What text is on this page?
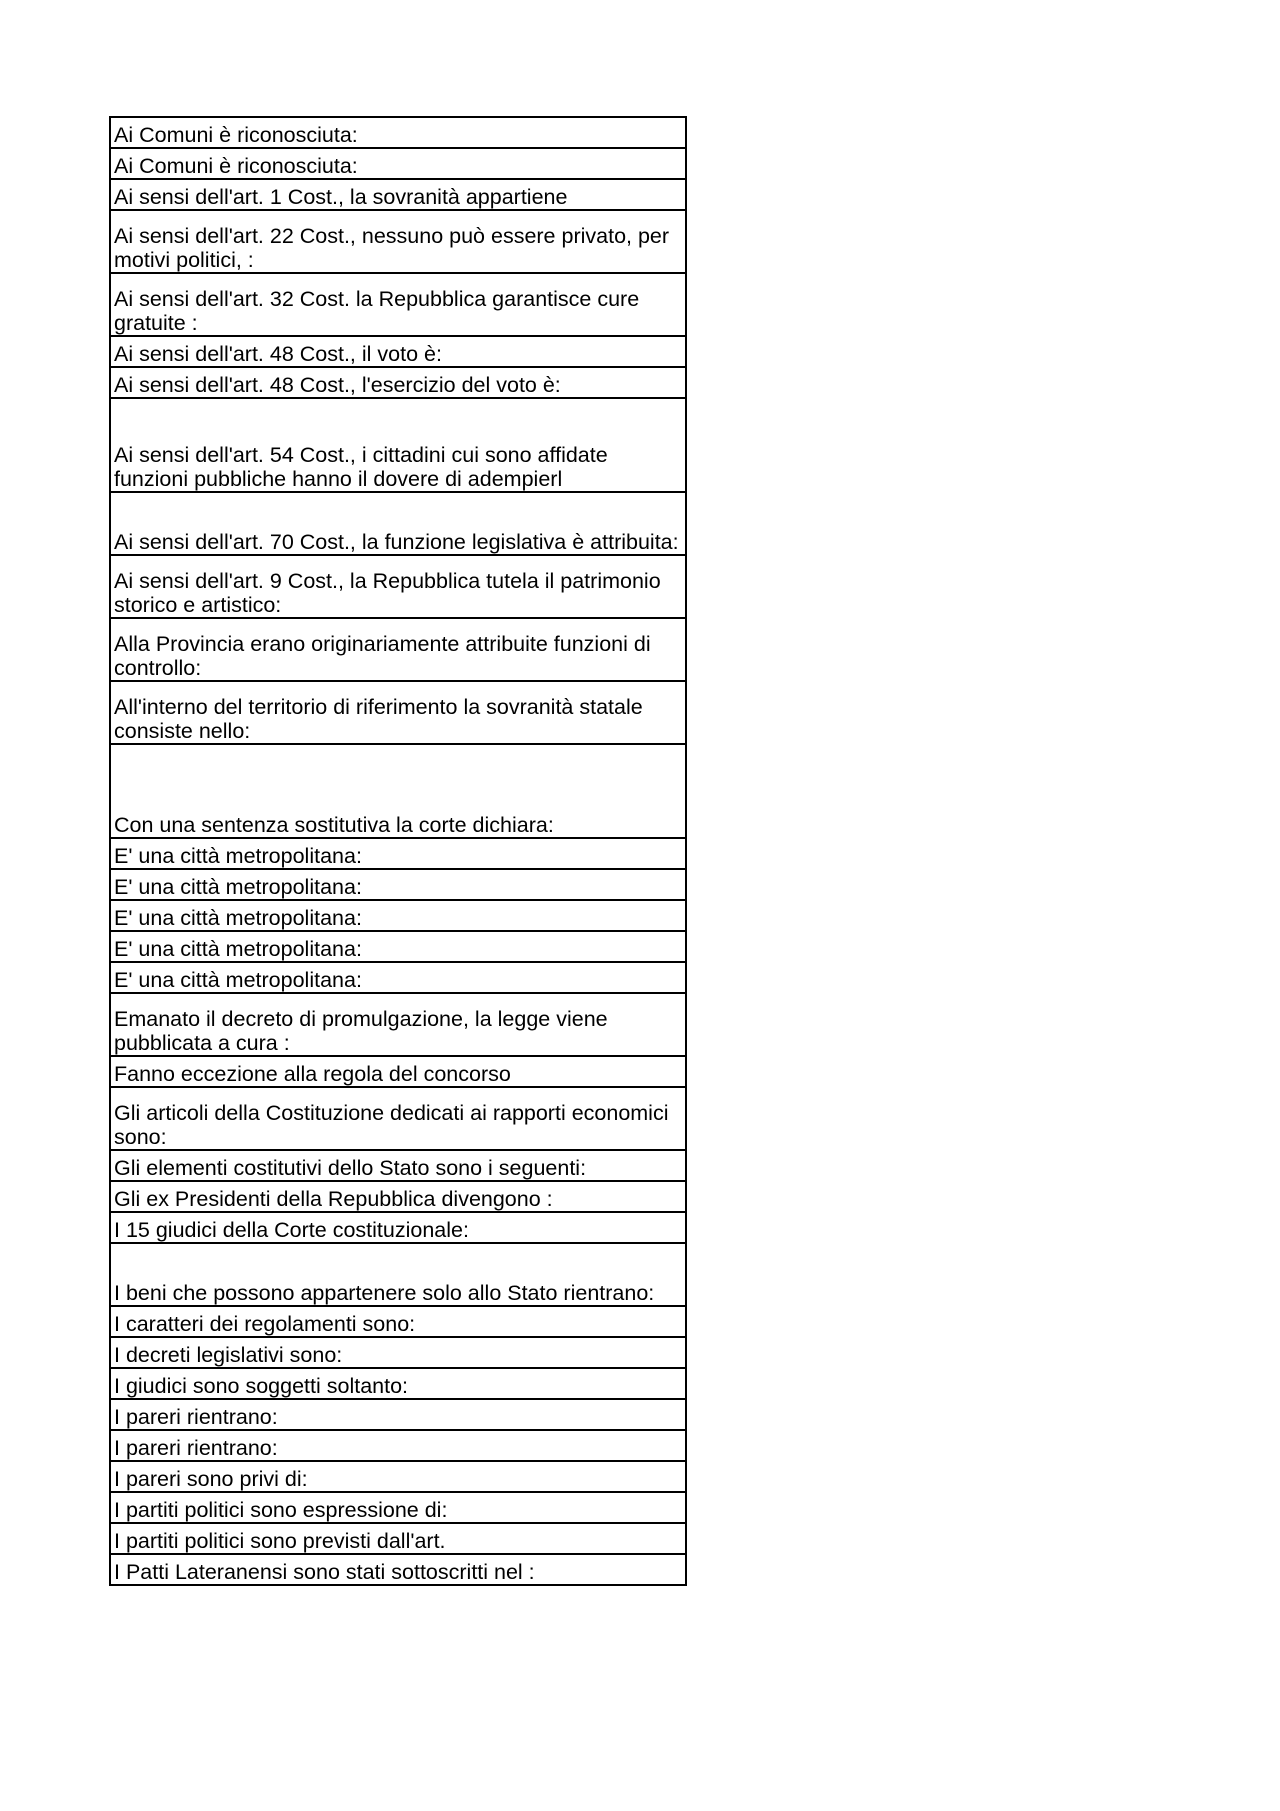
Ai Comuni è riconosciuta:
Ai Comuni è riconosciuta:
Ai sensi dell'art. 1 Cost., la sovranità appartiene
Ai sensi dell'art. 22 Cost., nessuno può essere privato, per motivi politici, :
Ai sensi dell'art. 32 Cost. la Repubblica garantisce cure gratuite :
Ai sensi dell'art. 48 Cost., il voto è:
Ai sensi dell'art. 48 Cost., l'esercizio del voto è:
Ai sensi dell'art. 54 Cost., i cittadini cui sono affidate funzioni pubbliche hanno il dovere di adempierl
Ai sensi dell'art. 70 Cost., la funzione legislativa è attribuita:
Ai sensi dell'art. 9 Cost., la Repubblica tutela il patrimonio storico e artistico:
Alla Provincia erano originariamente attribuite funzioni di controllo:
All'interno del territorio di riferimento la sovranità statale consiste nello:
Con una sentenza sostitutiva la corte dichiara:
E' una città metropolitana:
E' una città metropolitana:
E' una città metropolitana:
E' una città metropolitana:
E' una città metropolitana:
Emanato il decreto di promulgazione, la legge viene pubblicata a cura :
Fanno eccezione alla regola del concorso
Gli articoli della Costituzione dedicati ai rapporti economici sono:
Gli elementi costitutivi dello Stato sono i seguenti:
Gli ex Presidenti della Repubblica divengono :
I 15 giudici della Corte costituzionale:
I beni che possono appartenere solo allo Stato rientrano:
I caratteri dei regolamenti sono:
I decreti legislativi sono:
I giudici sono soggetti soltanto:
I pareri rientrano:
I pareri rientrano:
I pareri sono privi di:
I partiti politici sono espressione di:
I partiti politici sono previsti dall'art.
I Patti Lateranensi sono stati sottoscritti nel :
